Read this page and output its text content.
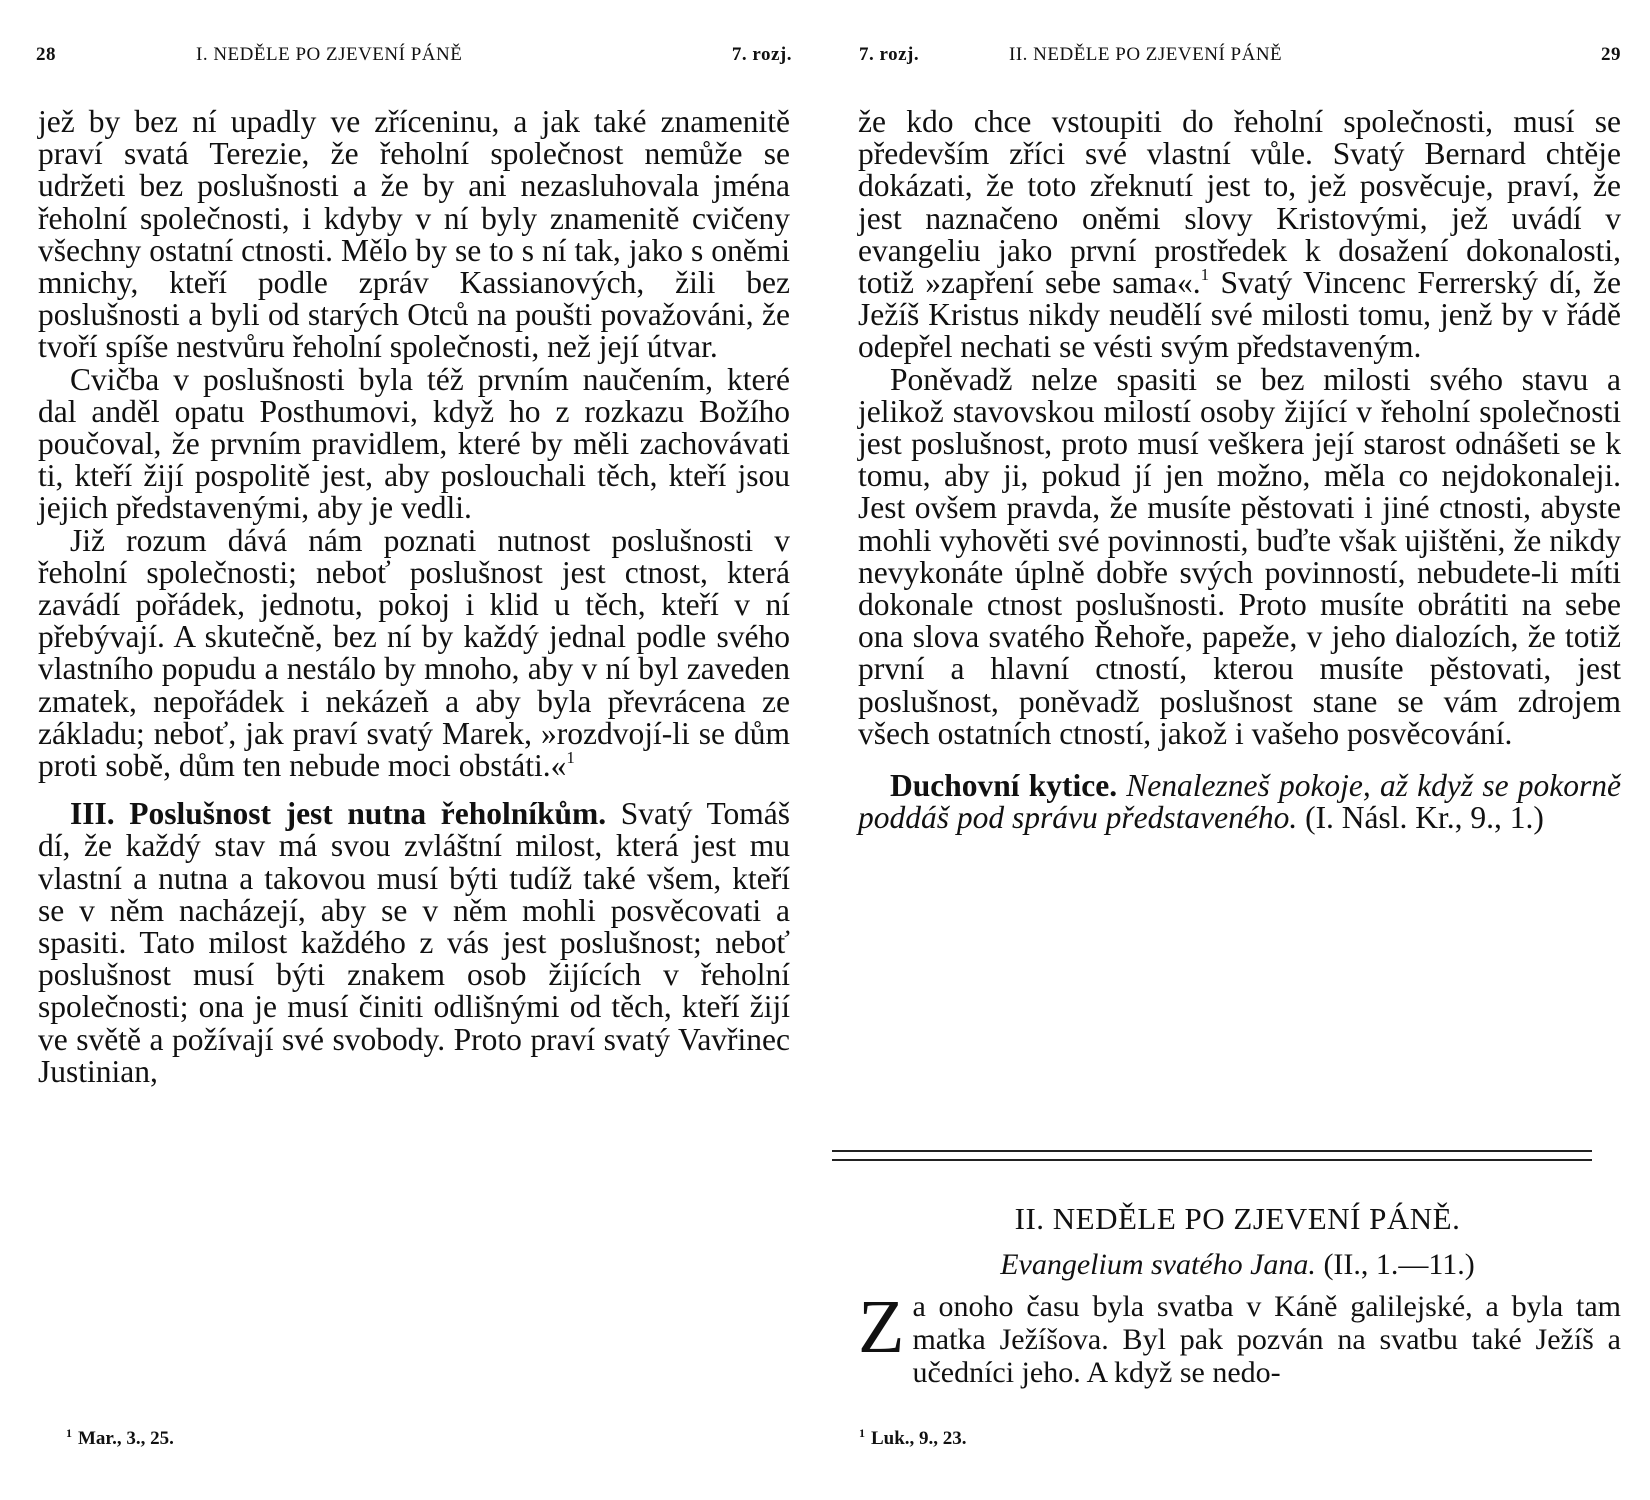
28	I. NEDĚLE PO ZJEVENÍ PÁNĚ	7. rozj.

jež by bez ní upadly ve zříceninu, a jak také znamenitě praví svatá Terezie, že řeholní společnost nemůže se udržeti bez poslušnosti a že by ani nezasluhovala jména řeholní společnosti, i kdyby v ní byly znamenitě cvičeny všechny ostatní ctnosti. Mělo by se to s ní tak, jako s oněmi mnichy, kteří podle zpráv Kassianových, žili bez poslušnosti a byli od starých Otců na poušti považováni, že tvoří spíše nestvůru řeholní společnosti, než její útvar.

Cvičba v poslušnosti byla též prvním naučením, které dal anděl opatu Posthumovi, když ho z rozkazu Božího poučoval, že prvním pravidlem, které by měli zachovávati ti, kteří žijí pospolitě jest, aby poslouchali těch, kteří jsou jejich představenými, aby je vedli.

Již rozum dává nám poznati nutnost poslušnosti v řeholní společnosti; neboť poslušnost jest ctnost, která zavádí pořádek, jednotu, pokoj i klid u těch, kteří v ní přebývají. A skutečně, bez ní by každý jednal podle svého vlastního popudu a nestálo by mnoho, aby v ní byl zaveden zmatek, nepořádek i nekázeň a aby byla převrácena ze základu; neboť, jak praví svatý Marek, »rozdvojí-li se dům proti sobě, dům ten nebude moci obstáti.«$^1$

III. Poslušnost jest nutna řeholníkům. Svatý Tomáš dí, že každý stav má svou zvláštní milost, která jest mu vlastní a nutna a takovou musí býti tudíž také všem, kteří se v něm nacházejí, aby se v něm mohli posvěcovati a spasiti. Tato milost každého z vás jest poslušnost; neboť poslušnost musí býti znakem osob žijících v řeholní společnosti; ona je musí činiti odlišnými od těch, kteří žijí ve světě a požívají své svobody. Proto praví svatý Vavřinec Justinian,

$^1$ Mar., 3., 25.
7. rozj.	II. NEDĚLE PO ZJEVENÍ PÁNĚ	29

že kdo chce vstoupiti do řeholní společnosti, musí se především zříci své vlastní vůle. Svatý Bernard chtěje dokázati, že toto zřeknutí jest to, jež posvěcuje, praví, že jest naznačeno oněmi slovy Kristovými, jež uvádí v evangeliu jako první prostředek k dosažení dokonalosti, totiž »zapření sebe sama«.$^1$ Svatý Vincenc Ferrerský dí, že Ježíš Kristus nikdy neudělí své milosti tomu, jenž by v řádě odepřel nechati se vésti svým představeným.

Poněvadž nelze spasiti se bez milosti svého stavu a jelikož stavovskou milostí osoby žijící v řeholní společnosti jest poslušnost, proto musí veškera její starost odnášeti se k tomu, aby ji, pokud jí jen možno, měla co nejdokonaleji. Jest ovšem pravda, že musíte pěstovati i jiné ctnosti, abyste mohli vyhověti své povinnosti, buďte však ujištěni, že nikdy nevykonáte úplně dobře svých povinností, nebudete-li míti dokonale ctnost poslušnosti. Proto musíte obrátiti na sebe ona slova svatého Řehoře, papeže, v jeho dialozích, že totiž první a hlavní ctností, kterou musíte pěstovati, jest poslušnost, poněvadž poslušnost stane se vám zdrojem všech ostatních ctností, jakož i vašeho posvěcování.

Duchovní kytice. Nenalezneš pokoje, až když se pokorně poddáš pod správu představeného. (I. Násl. Kr., 9., 1.)

II. NEDĚLE PO ZJEVENÍ PÁNĚ.
Evangelium svatého Jana. (II., 1.—11.)
Za onoho času byla svatba v Káně galilejské, a byla tam matka Ježíšova. Byl pak pozván na svatbu také Ježíš a učedníci jeho. A když se nedo-
$^1$ Luk., 9., 23.
